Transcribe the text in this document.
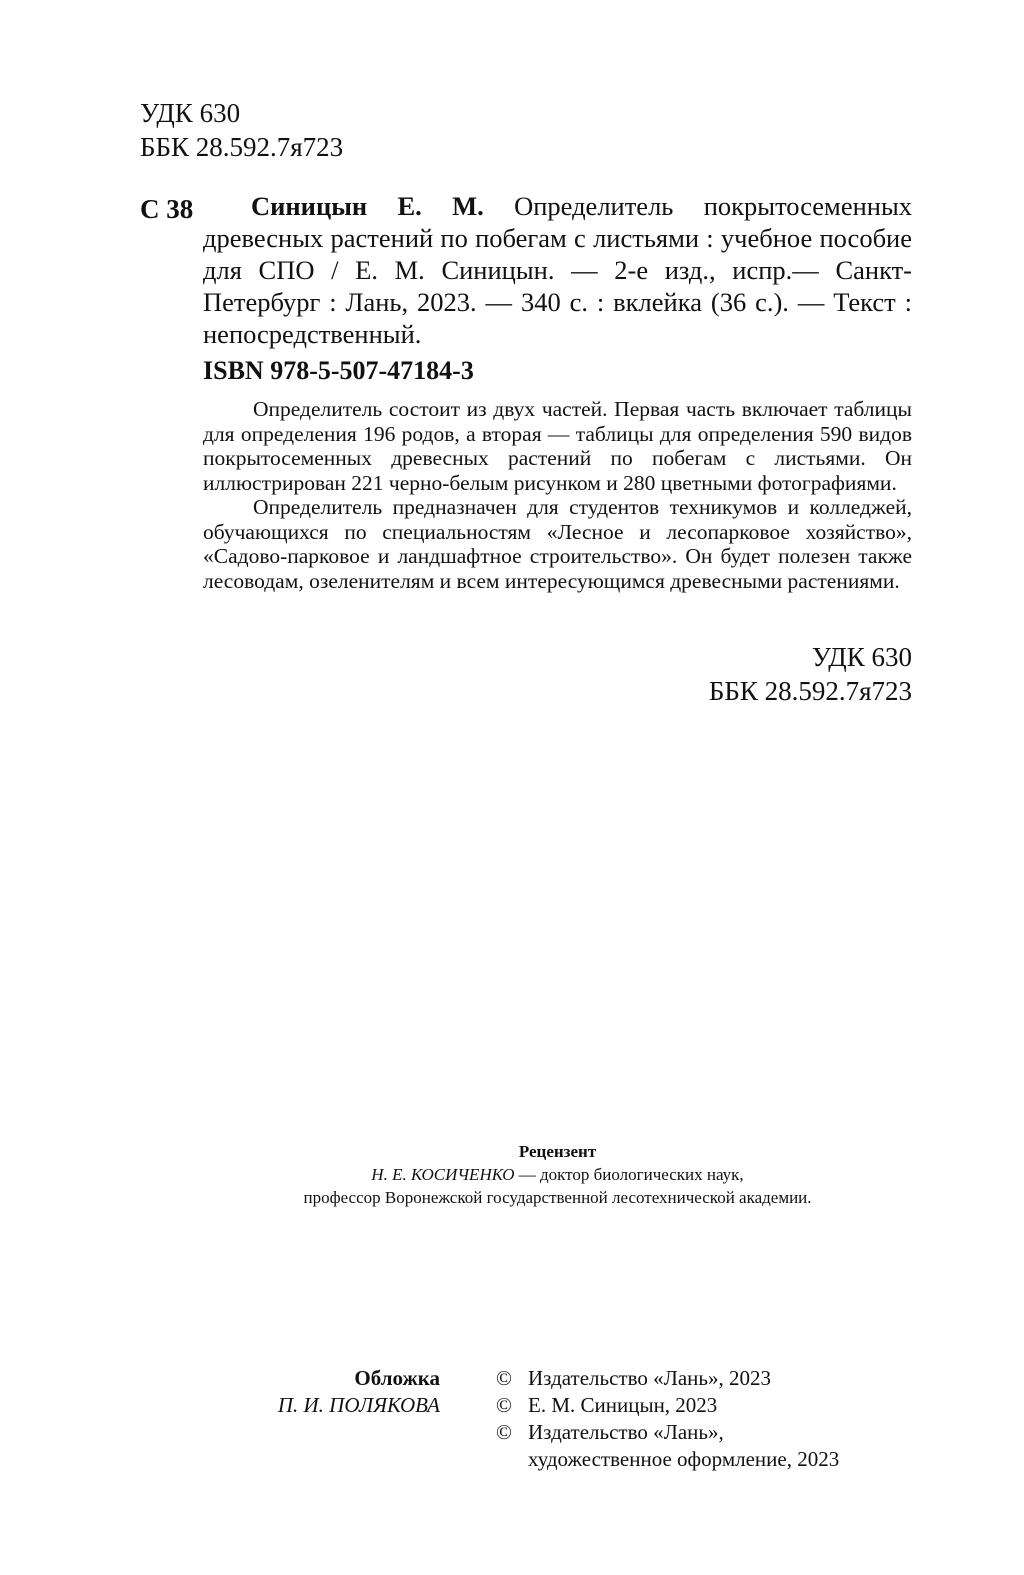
УДК 630
ББК 28.592.7я723
С 38	Синицын Е. М. Определитель покрытосеменных древесных растений по побегам с листьями : учебное пособие для СПО / Е. М. Синицын. — 2-е изд., испр.— Санкт-Петербург : Лань, 2023. — 340 с. : вклейка (36 с.). — Текст : непосредственный.
ISBN 978-5-507-47184-3

Определитель состоит из двух частей. Первая часть включает таблицы для определения 196 родов, а вторая — таблицы для определения 590 видов покрытосеменных древесных растений по побегам с листьями. Он иллюстрирован 221 черно-белым рисунком и 280 цветными фотографиями.

Определитель предназначен для студентов техникумов и колледжей, обучающихся по специальностям «Лесное и лесопарковое хозяйство», «Садово-парковое и ландшафтное строительство». Он будет полезен также лесоводам, озеленителям и всем интересующимся древесными растениями.

УДК 630
ББК 28.592.7я723
Рецензент
Н. Е. КОСИЧЕНКО — доктор биологических наук,
профессор Воронежской государственной лесотехнической академии.
Обложка
П. И. ПОЛЯКОВА
© Издательство «Лань», 2023
© Е. М. Синицын, 2023
© Издательство «Лань»,
художественное оформление, 2023
